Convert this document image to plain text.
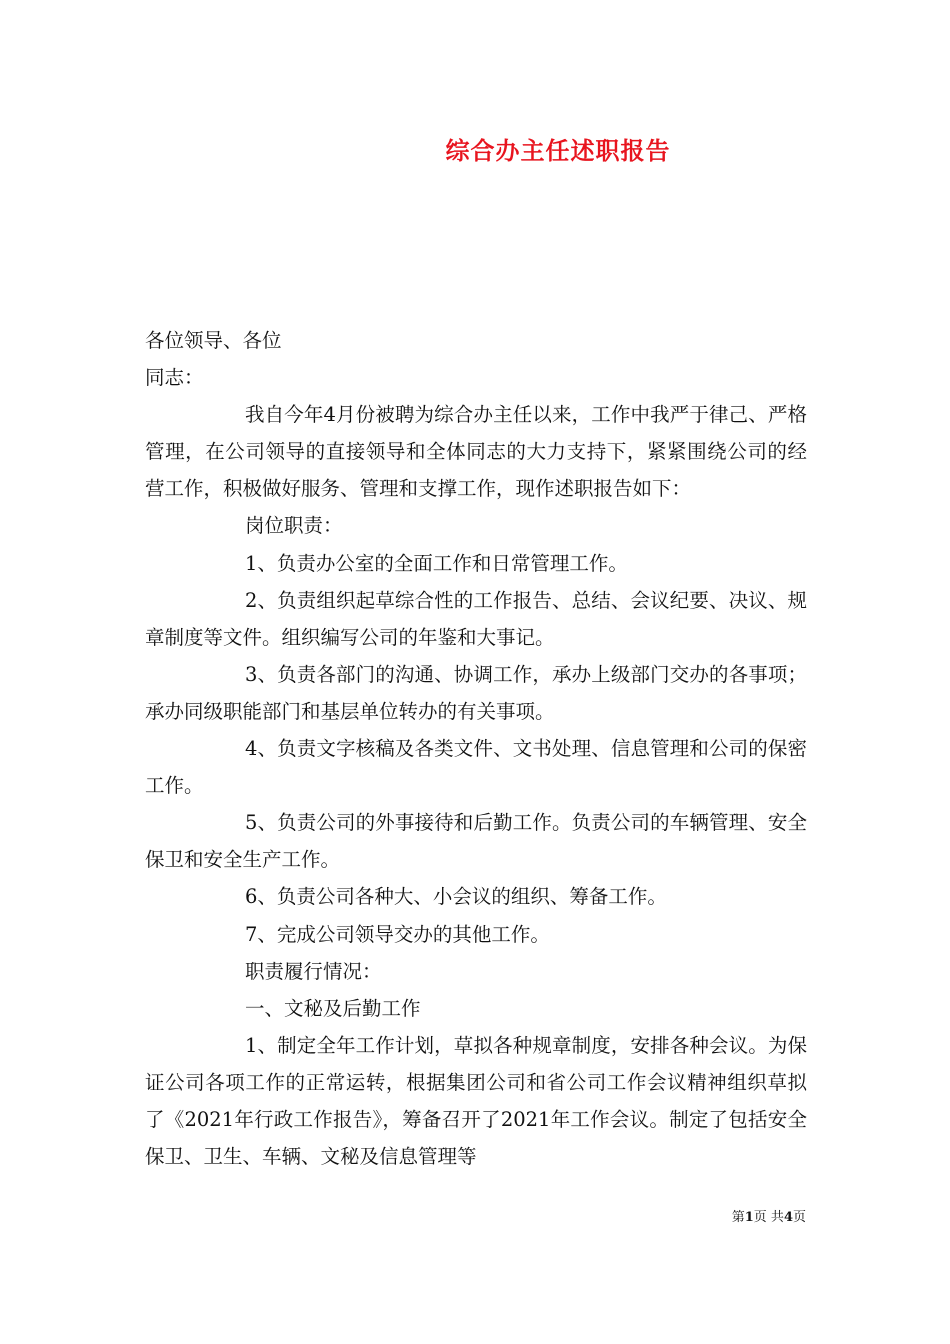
综合办主任述职报告

各位领导、各位

同志：

我自今年4月份被聘为综合办主任以来，工作中我严于律己、严格管理，在公司领导的直接领导和全体同志的大力支持下，紧紧围绕公司的经营工作，积极做好服务、管理和支撑工作，现作述职报告如下：

岗位职责：

1、负责办公室的全面工作和日常管理工作。

2、负责组织起草综合性的工作报告、总结、会议纪要、决议、规章制度等文件。组织编写公司的年鉴和大事记。

3、负责各部门的沟通、协调工作，承办上级部门交办的各事项；承办同级职能部门和基层单位转办的有关事项。

4、负责文字核稿及各类文件、文书处理、信息管理和公司的保密工作。

5、负责公司的外事接待和后勤工作。负责公司的车辆管理、安全保卫和安全生产工作。

6、负责公司各种大、小会议的组织、筹备工作。

7、完成公司领导交办的其他工作。

职责履行情况：

一、文秘及后勤工作

1、制定全年工作计划，草拟各种规章制度，安排各种会议。为保证公司各项工作的正常运转，根据集团公司和省公司工作会议精神组织草拟了《2021年行政工作报告》，筹备召开了2021年工作会议。制定了包括安全保卫、卫生、车辆、文秘及信息管理等

第1页 共4页
